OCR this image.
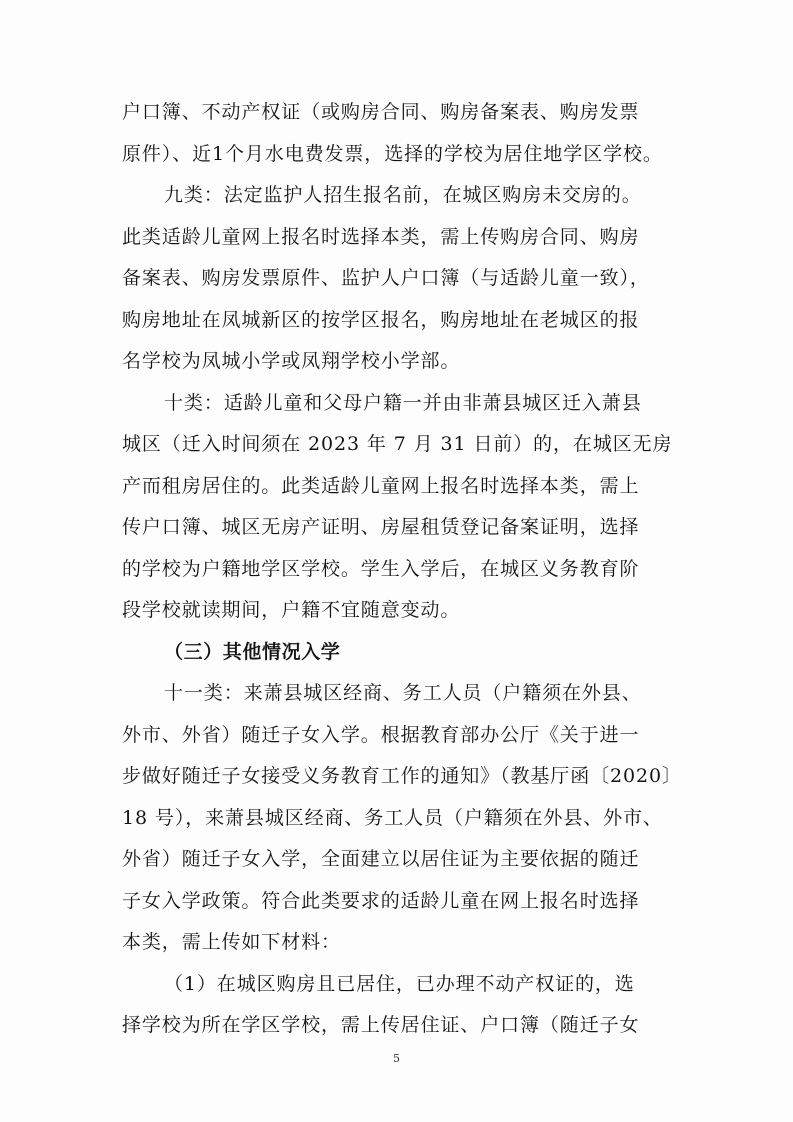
户口簿、不动产权证（或购房合同、购房备案表、购房发票
原件）、近1个月水电费发票，选择的学校为居住地学区学校。
九类：法定监护人招生报名前，在城区购房未交房的。
此类适龄儿童网上报名时选择本类，需上传购房合同、购房
备案表、购房发票原件、监护人户口簿（与适龄儿童一致），
购房地址在凤城新区的按学区报名，购房地址在老城区的报
名学校为凤城小学或凤翔学校小学部。
十类：适龄儿童和父母户籍一并由非萧县城区迁入萧县
城区（迁入时间须在 2023 年 7 月 31 日前）的，在城区无房
产而租房居住的。此类适龄儿童网上报名时选择本类，需上
传户口簿、城区无房产证明、房屋租赁登记备案证明，选择
的学校为户籍地学区学校。学生入学后，在城区义务教育阶
段学校就读期间，户籍不宜随意变动。
（三）其他情况入学
十一类：来萧县城区经商、务工人员（户籍须在外县、
外市、外省）随迁子女入学。根据教育部办公厅《关于进一
步做好随迁子女接受义务教育工作的通知》（教基厅函〔2020〕
18 号），来萧县城区经商、务工人员（户籍须在外县、外市、
外省）随迁子女入学，全面建立以居住证为主要依据的随迁
子女入学政策。符合此类要求的适龄儿童在网上报名时选择
本类，需上传如下材料：
（1）在城区购房且已居住，已办理不动产权证的，选
择学校为所在学区学校，需上传居住证、户口簿（随迁子女
5
